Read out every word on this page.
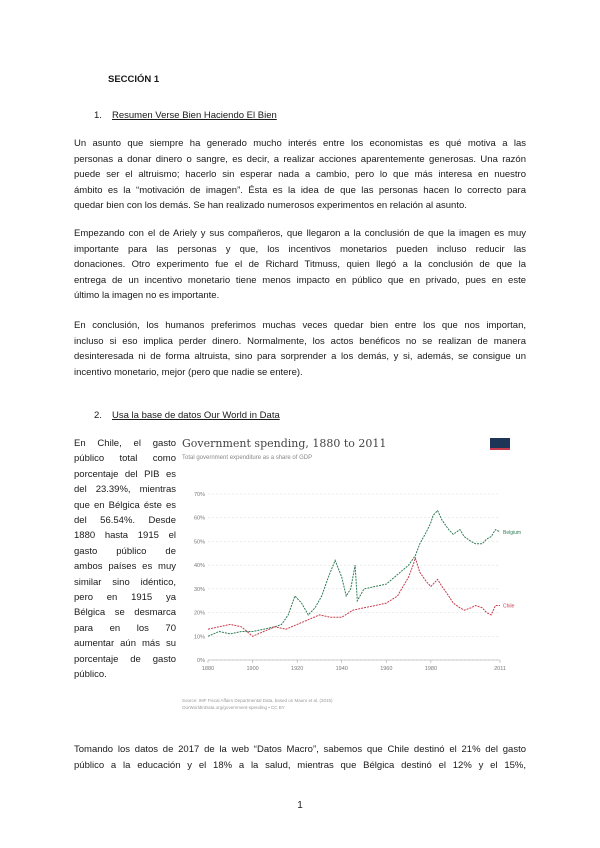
SECCIÓN 1
1. Resumen Verse Bien Haciendo El Bien
Un asunto que siempre ha generado mucho interés entre los economistas es qué motiva a las
personas a donar dinero o sangre, es decir, a realizar acciones aparentemente generosas. Una razón
puede ser el altruismo; hacerlo sin esperar nada a cambio, pero lo que más interesa en nuestro
ámbito es la “motivación de imagen”. Ésta es la idea de que las personas hacen lo correcto para
quedar bien con los demás. Se han realizado numerosos experimentos en relación al asunto.
Empezando con el de Ariely y sus compañeros, que llegaron a la conclusión de que la imagen es muy
importante para las personas y que, los incentivos monetarios pueden incluso reducir las
donaciones. Otro experimento fue el de Richard Titmuss, quien llegó a la conclusión de que la
entrega de un incentivo monetario tiene menos impacto en público que en privado, pues en este
último la imagen no es importante.
En conclusión, los humanos preferimos muchas veces quedar bien entre los que nos importan,
incluso si eso implica perder dinero. Normalmente, los actos benéficos no se realizan de manera
desinteresada ni de forma altruista, sino para sorprender a los demás, y si, además, se consigue un
incentivo monetario, mejor (pero que nadie se entere).
2. Usa la base de datos Our World in Data
En Chile, el gasto
público total como
porcentaje del PIB es
del 23.39%, mientras
que en Bélgica éste es
del 56.54%. Desde
1880 hasta 1915 el
gasto público de
ambos países es muy
similar sino idéntico,
pero en 1915 ya
Bélgica se desmarca
para en los 70
aumentar aún más su
porcentaje de gasto
público.
Government spending, 1880 to 2011
Total government expenditure as a share of GDP
0%
10%
20%
30%
40%
50%
60%
70%
1880	1900	1920	1940	1960	1980	2011
Belgium
Chile
Source: IMF Fiscal Affairs Departmental Data, based on Mauro et al. (2015)
OurWorldInData.org/government-spending • CC BY
Tomando los datos de 2017 de la web “Datos Macro”, sabemos que Chile destinó el 21% del gasto
público a la educación y el 18% a la salud, mientras que Bélgica destinó el 12% y el 15%,
1
